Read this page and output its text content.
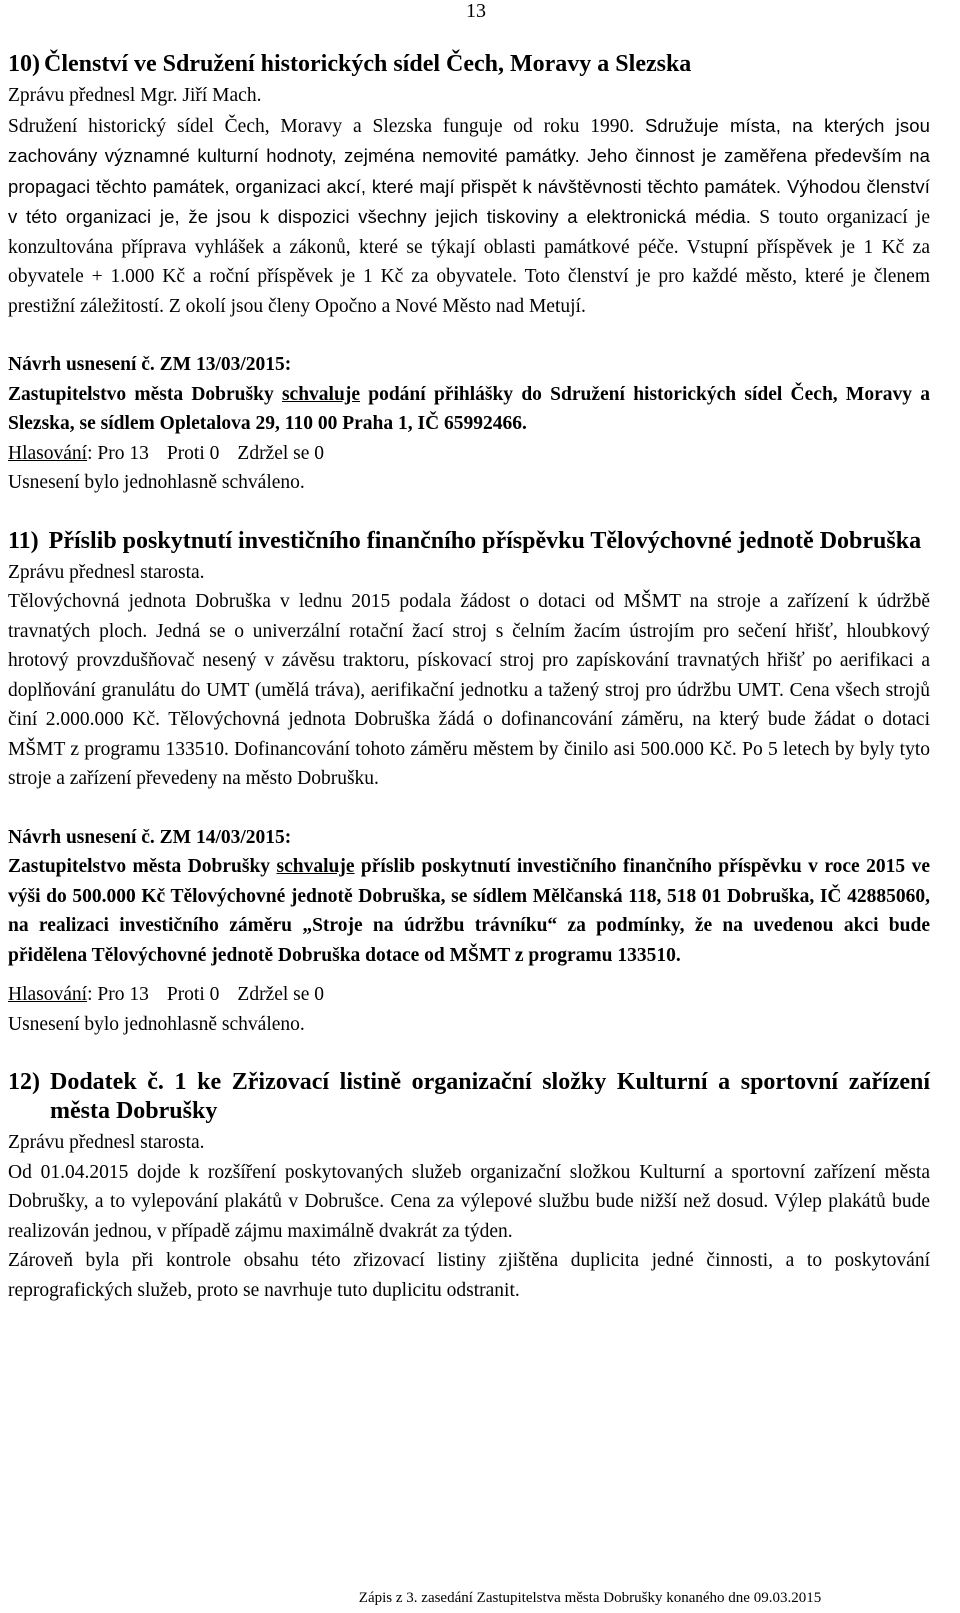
13
10) Členství ve Sdružení historických sídel Čech, Moravy a Slezska

Zprávu přednesl Mgr. Jiří Mach.

Sdružení historický sídel Čech, Moravy a Slezska funguje od roku 1990. Sdružuje místa, na kterých jsou zachovány významné kulturní hodnoty, zejména nemovité památky. Jeho činnost je zaměřena především na propagaci těchto památek, organizaci akcí, které mají přispět k návštěvnosti těchto památek. Výhodou členství v této organizaci je, že jsou k dispozici všechny jejich tiskoviny a elektronická média. S touto organizací je konzultována příprava vyhlášek a zákonů, které se týkají oblasti památkové péče. Vstupní příspěvek je 1 Kč za obyvatele + 1.000 Kč a roční příspěvek je 1 Kč za obyvatele. Toto členství je pro každé město, které je členem prestižní záležitostí. Z okolí jsou členy Opočno a Nové Město nad Metují.

Návrh usnesení č. ZM 13/03/2015:

Zastupitelstvo města Dobrušky schvaluje podání přihlášky do Sdružení historických sídel Čech, Moravy a Slezska, se sídlem Opletalova 29, 110 00 Praha 1, IČ 65992466.

Hlasování: Pro 13 Proti 0 Zdržel se 0

Usnesení bylo jednohlasně schváleno.

11) Příslib poskytnutí investičního finančního příspěvku Tělovýchovné jednotě Dobruška

Zprávu přednesl starosta.

Tělovýchovná jednota Dobruška v lednu 2015 podala žádost o dotaci od MŠMT na stroje a zařízení k údržbě travnatých ploch. Jedná se o univerzální rotační žací stroj s čelním žacím ústrojím pro sečení hřišť, hloubkový hrotový provzdušňovač nesený v závěsu traktoru, pískovací stroj pro zapískování travnatých hřišť po aerifikaci a doplňování granulátu do UMT (umělá tráva), aerifikační jednotku a tažený stroj pro údržbu UMT. Cena všech strojů činí 2.000.000 Kč. Tělovýchovná jednota Dobruška žádá o dofinancování záměru, na který bude žádat o dotaci MŠMT z programu 133510. Dofinancování tohoto záměru městem by činilo asi 500.000 Kč. Po 5 letech by byly tyto stroje a zařízení převedeny na město Dobrušku.

Návrh usnesení č. ZM 14/03/2015:

Zastupitelstvo města Dobrušky schvaluje příslib poskytnutí investičního finančního příspěvku v roce 2015 ve výši do 500.000 Kč Tělovýchovné jednotě Dobruška, se sídlem Mělčanská 118, 518 01 Dobruška, IČ 42885060, na realizaci investičního záměru „Stroje na údržbu trávníku“ za podmínky, že na uvedenou akci bude přidělena Tělovýchovné jednotě Dobruška dotace od MŠMT z programu 133510.

Hlasování: Pro 13 Proti 0 Zdržel se 0

Usnesení bylo jednohlasně schváleno.

12) Dodatek č. 1 ke Zřizovací listině organizační složky Kulturní a sportovní zařízení města Dobrušky

Zprávu přednesl starosta.

Od 01.04.2015 dojde k rozšíření poskytovaných služeb organizační složkou Kulturní a sportovní zařízení města Dobrušky, a to vylepování plakátů v Dobrušce. Cena za výlepové službu bude nižší než dosud. Výlep plakátů bude realizován jednou, v případě zájmu maximálně dvakrát za týden.

Zároveň byla při kontrole obsahu této zřizovací listiny zjištěna duplicita jedné činnosti, a to poskytování reprografických služeb, proto se navrhuje tuto duplicitu odstranit.

Zápis z 3. zasedání Zastupitelstva města Dobrušky konaného dne 09.03.2015
